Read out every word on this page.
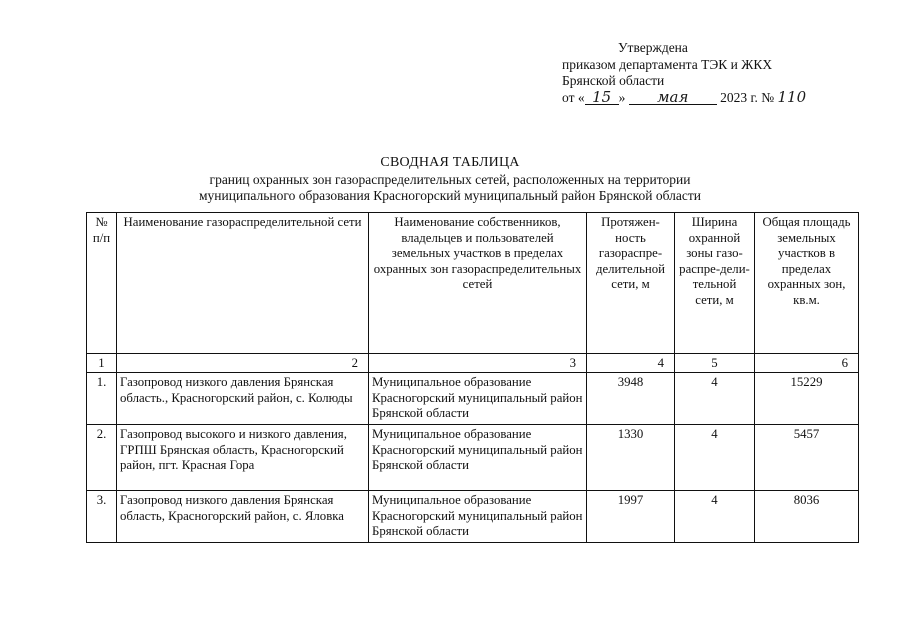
Утверждена
приказом департамента ТЭК и ЖКХ
Брянской области
от « 15 » мая 2023 г. № 110
СВОДНАЯ ТАБЛИЦА
границ охранных зон газораспределительных сетей, расположенных на территории
муниципального образования Красногорский муниципальный район Брянской области
№ п/п	Наименование газораспределительной сети	Наименование собственников, владельцев и пользователей земельных участков в пределах охранных зон газораспределительных сетей	Протяжен-ность газораспре-делительной сети, м	Ширина охранной зоны газо-распре-дели-тельной сети, м	Общая площадь земельных участков в пределах охранных зон, кв.м.
1	2	3	4	5	6
1.	Газопровод низкого давления Брянская область., Красногорский район, с. Колюды	Муниципальное образование Красногорский муниципальный район Брянской области	3948	4	15229
2.	Газопровод высокого и низкого давления, ГРПШ Брянская область, Красногорский район, пгт. Красная Гора	Муниципальное образование Красногорский муниципальный район Брянской области	1330	4	5457
3.	Газопровод низкого давления Брянская область, Красногорский район, с. Яловка	Муниципальное образование Красногорский муниципальный район Брянской области	1997	4	8036
